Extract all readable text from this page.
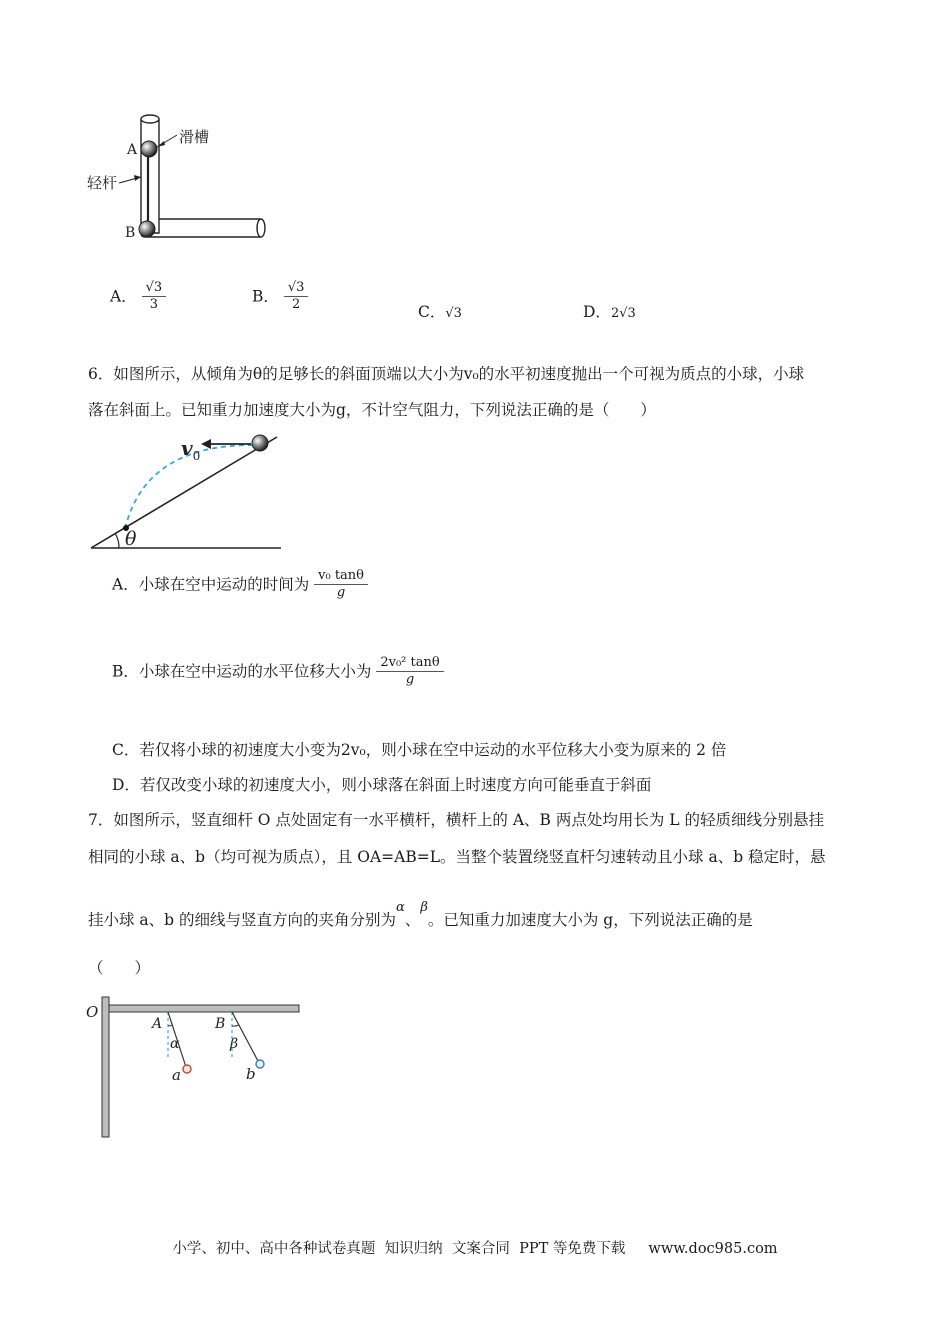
滑槽
轻杆
A
B
A． $\frac{√3}{3}$	B． $\frac{√3}{2}$	C．√3	D．2√3
6．如图所示，从倾角为θ的足够长的斜面顶端以大小为v₀的水平初速度抛出一个可视为质点的小球，小球
落在斜面上。已知重力加速度大小为g，不计空气阻力，下列说法正确的是（　　）
$v_0$
θ
A．小球在空中运动的时间为 $\frac{\text{v₀ tanθ}}{g}$
B．小球在空中运动的水平位移大小为 $\frac{\text{2v₀² tanθ}}{g}$
C．若仅将小球的初速度大小变为2v₀，则小球在空中运动的水平位移大小变为原来的 2 倍
D．若仅改变小球的初速度大小，则小球落在斜面上时速度方向可能垂直于斜面
7．如图所示，竖直细杆 O 点处固定有一水平横杆，横杆上的 A、B 两点处均用长为 L 的轻质细线分别悬挂
相同的小球 a、b（均可视为质点），且 OA=AB=L。当整个装置绕竖直杆匀速转动且小球 a、b 稳定时，悬
挂小球 a、b 的细线与竖直方向的夹角分别为$^\alpha$、$^\beta$。已知重力加速度大小为 g，下列说法正确的是
（　　）
O
A	B
α	β
a	b
小学、初中、高中各种试卷真题  知识归纳  文案合同  PPT 等免费下载     www.doc985.com
